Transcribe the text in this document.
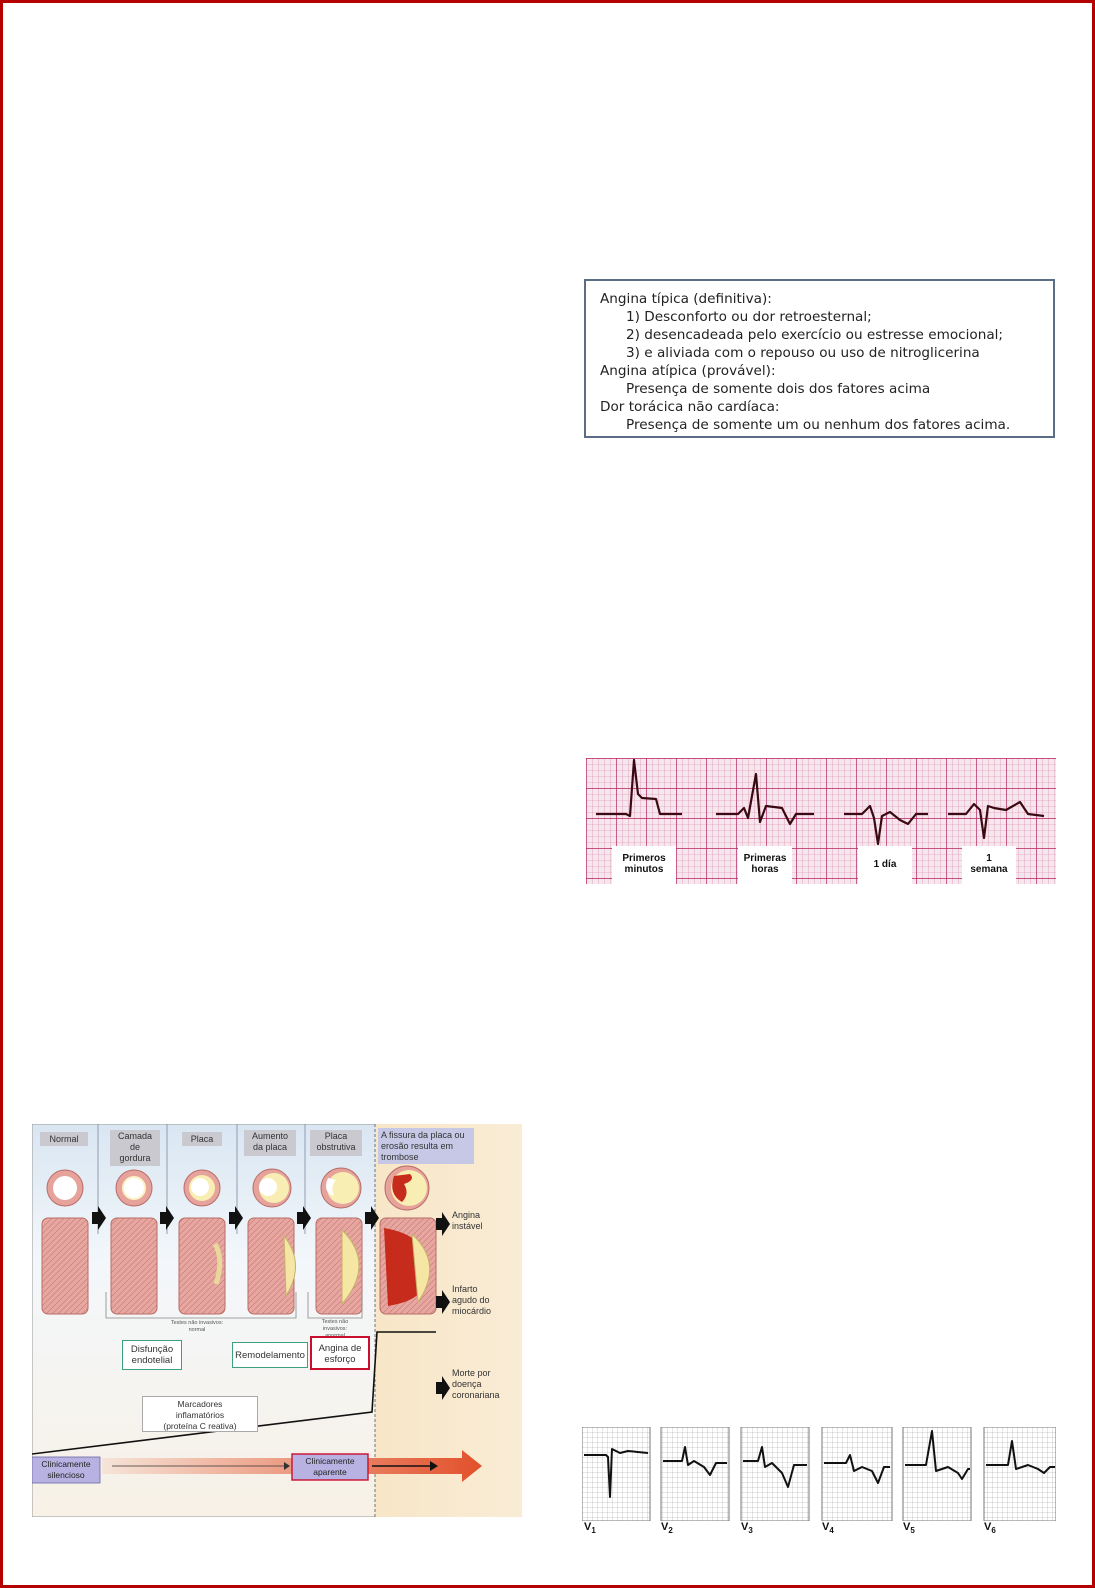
Angina típica (definitiva):
1) Desconforto ou dor retroesternal;
2) desencadeada pelo exercício ou estresse emocional;
3) e aliviada com o repouso ou uso de nitroglicerina
Angina atípica (provável):
Presença de somente dois dos fatores acima
Dor torácica não cardíaca:
Presença de somente um ou nenhum dos fatores acima.
Primeros
minutos
Primeras
horas	1 día
1
semana
Normal	Camada
de
gordura
Placa	Aumento
da placa
Placa
obstrutiva
A fissura da placa ou
erosão resulta em
trombose
Testes não invasivos:
normal
Testes não
invasivos:

Angina
instável
Infarto
agudo do
miocárdio
Morte por
doença
coronariana
Disfunção
endotelial	Remodelamento
Angina de
esforço
Marcadores
inflamatórios
(proteína C reativa)
Clinicamente
silencioso
Clinicamente
aparente
$V_1$	$V_2$	$V_3$	$V_4$	$V_5$	$V_6$
